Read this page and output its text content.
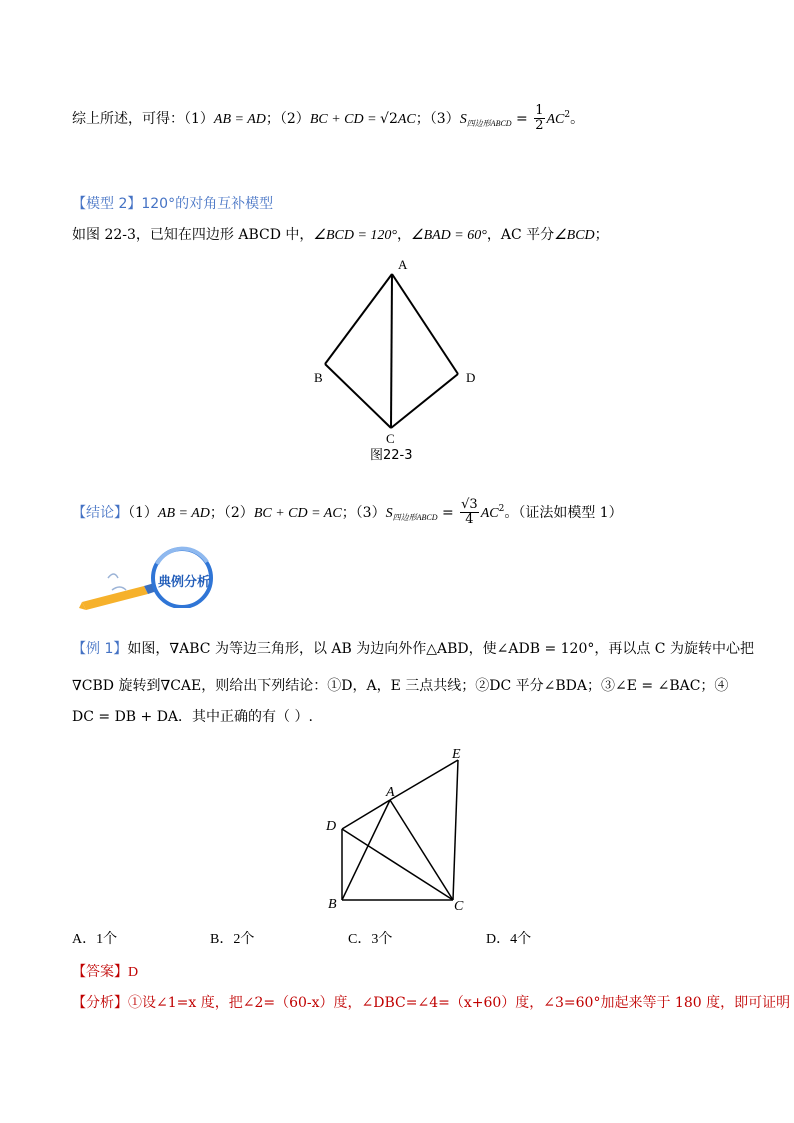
综上所述，可得：（1）AB = AD；（2）BC + CD = √2AC；$(3)S_{四边形ABCD} = \frac{1}{2} AC^2$。
【模型 2】120°的对角互补模型
如图 22-3，已知在四边形 ABCD 中，∠BCD = 120°，∠BAD = 60°，AC 平分∠BCD；
A
B
C
D
图22-3
【结论】（1）AB = AD；（2）BC + CD = AC；$(3)S_{四边形ABCD} = \frac{√3}{4} AC^2$。（证法如模型 1）
典例分析
【例 1】如图，∇ABC 为等边三角形，以 AB 为边向外作△ABD，使∠ADB = 120°，再以点 C 为旋转中心把
∇CBD 旋转到∇CAE，则给出下列结论：①D，A，E 三点共线；②DC 平分∠BDA；③∠E = ∠BAC；④
DC = DB + DA．其中正确的有（ ）.
A
B	C
D
E
A．1个	B．2个	C．3个	D．4个
【答案】D
【分析】①设∠1=x 度，把∠2=（60-x）度，∠DBC=∠4=（x+60）度，∠3=60°加起来等于 180 度，即可证明
